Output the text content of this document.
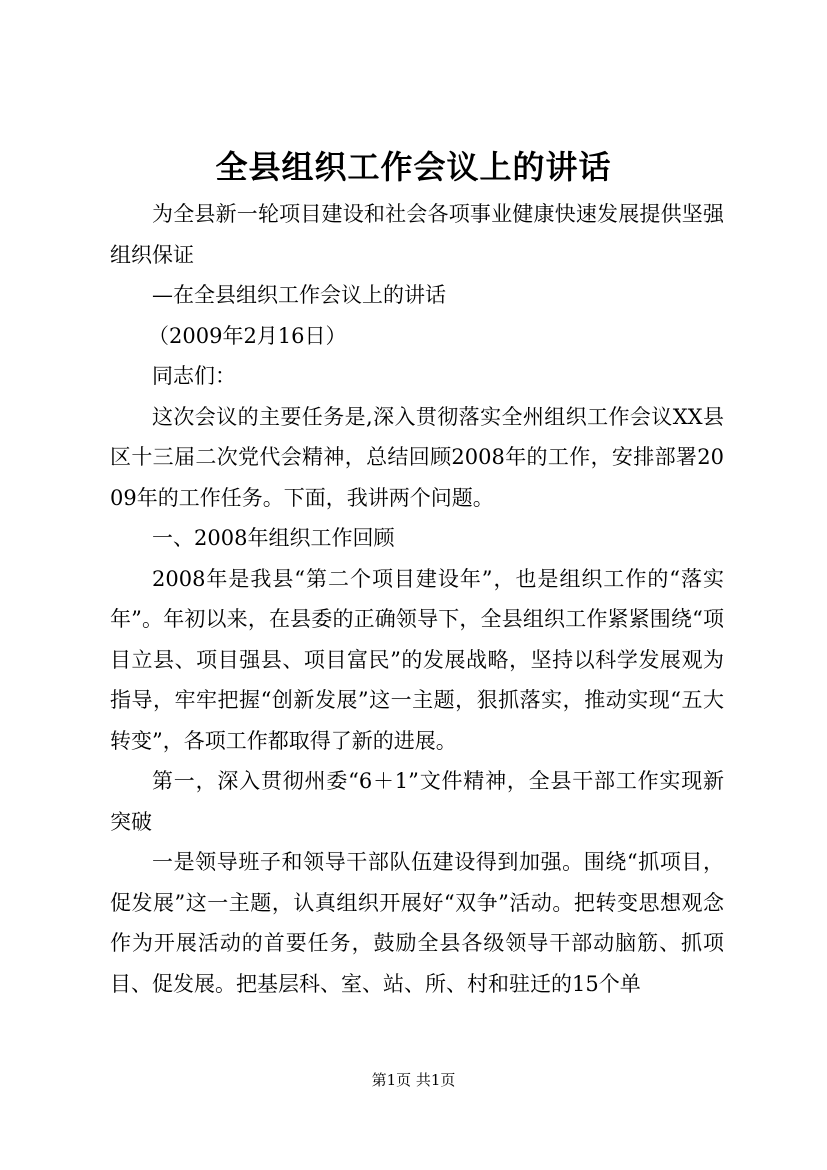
全县组织工作会议上的讲话

为全县新一轮项目建设和社会各项事业健康快速发展提供坚强组织保证

—在全县组织工作会议上的讲话

（2009年2月16日）

同志们：

这次会议的主要任务是,深入贯彻落实全州组织工作会议XX县区十三届二次党代会精神，总结回顾2008年的工作，安排部署2009年的工作任务。下面，我讲两个问题。

一、2008年组织工作回顾

2008年是我县“第二个项目建设年”，也是组织工作的“落实年”。年初以来，在县委的正确领导下，全县组织工作紧紧围绕“项目立县、项目强县、项目富民”的发展战略，坚持以科学发展观为指导，牢牢把握“创新发展”这一主题，狠抓落实，推动实现“五大转变”，各项工作都取得了新的进展。

第一，深入贯彻州委“6＋1”文件精神，全县干部工作实现新突破

一是领导班子和领导干部队伍建设得到加强。围绕“抓项目，促发展”这一主题，认真组织开展好“双争”活动。把转变思想观念作为开展活动的首要任务，鼓励全县各级领导干部动脑筋、抓项目、促发展。把基层科、室、站、所、村和驻迁的15个单

第1页 共1页
